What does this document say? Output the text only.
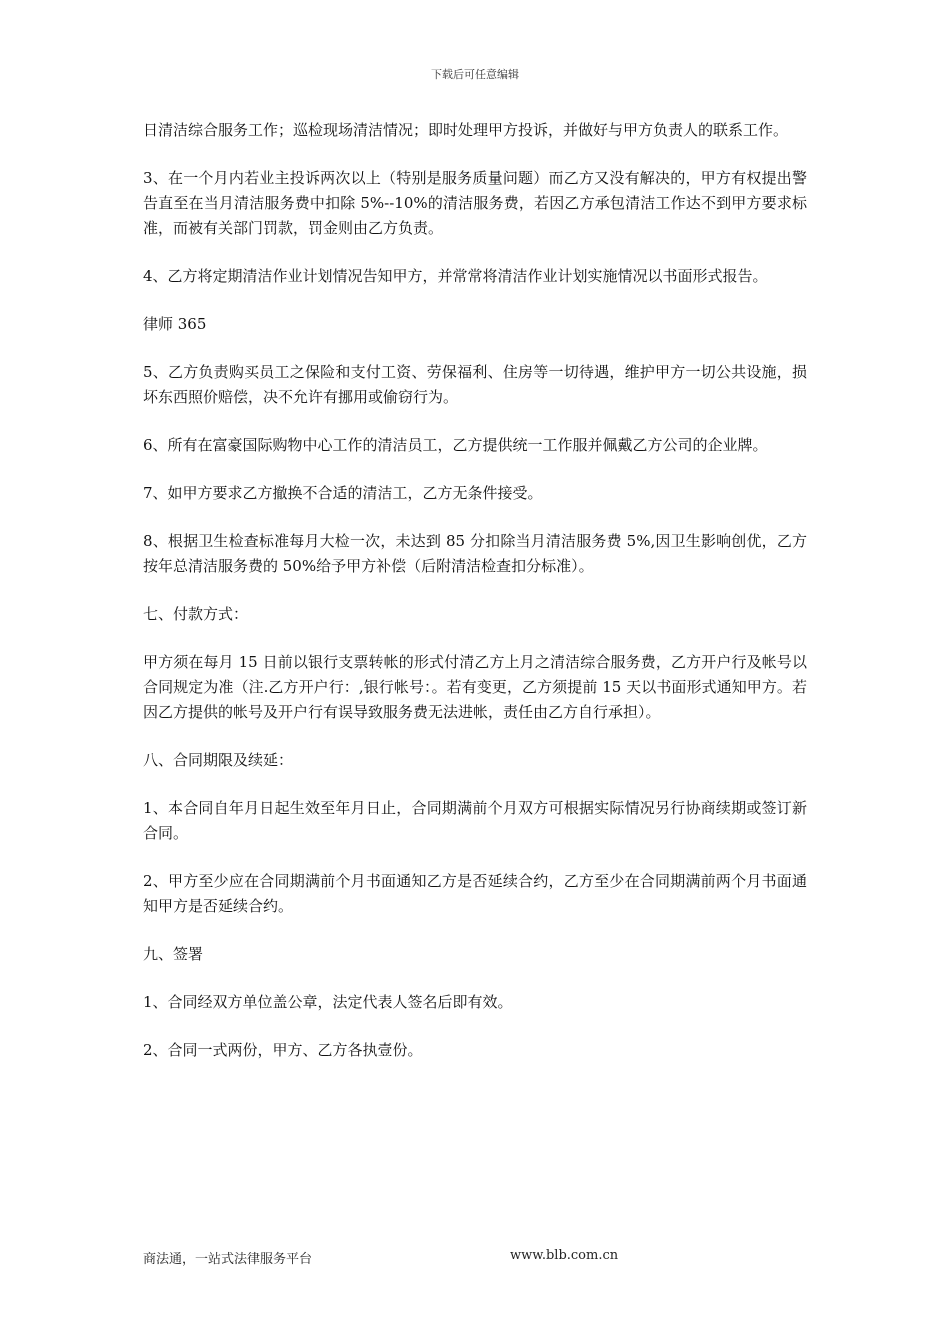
下载后可任意编辑

日清洁综合服务工作；巡检现场清洁情况；即时处理甲方投诉，并做好与甲方负责人的联系工作。

3、在一个月内若业主投诉两次以上（特别是服务质量问题）而乙方又没有解决的，甲方有权提出警告直至在当月清洁服务费中扣除 5%--10%的清洁服务费，若因乙方承包清洁工作达不到甲方要求标准，而被有关部门罚款，罚金则由乙方负责。

4、乙方将定期清洁作业计划情况告知甲方，并常常将清洁作业计划实施情况以书面形式报告。

律师 365

5、乙方负责购买员工之保险和支付工资、劳保福利、住房等一切待遇，维护甲方一切公共设施，损坏东西照价赔偿，决不允许有挪用或偷窃行为。

6、所有在富豪国际购物中心工作的清洁员工，乙方提供统一工作服并佩戴乙方公司的企业牌。

7、如甲方要求乙方撤换不合适的清洁工，乙方无条件接受。

8、根据卫生检查标准每月大检一次，未达到 85 分扣除当月清洁服务费 5%,因卫生影响创优，乙方按年总清洁服务费的 50%给予甲方补偿（后附清洁检查扣分标准）。

七、付款方式：

甲方须在每月 15 日前以银行支票转帐的形式付清乙方上月之清洁综合服务费，乙方开户行及帐号以合同规定为准（注.乙方开户行：,银行帐号：。若有变更，乙方须提前 15 天以书面形式通知甲方。若因乙方提供的帐号及开户行有误导致服务费无法进帐，责任由乙方自行承担）。

八、合同期限及续延：

1、本合同自年月日起生效至年月日止，合同期满前个月双方可根据实际情况另行协商续期或签订新合同。

2、甲方至少应在合同期满前个月书面通知乙方是否延续合约，乙方至少在合同期满前两个月书面通知甲方是否延续合约。

九、签署

1、合同经双方单位盖公章，法定代表人签名后即有效。

2、合同一式两份，甲方、乙方各执壹份。

商法通，一站式法律服务平台	www.blb.com.cn
